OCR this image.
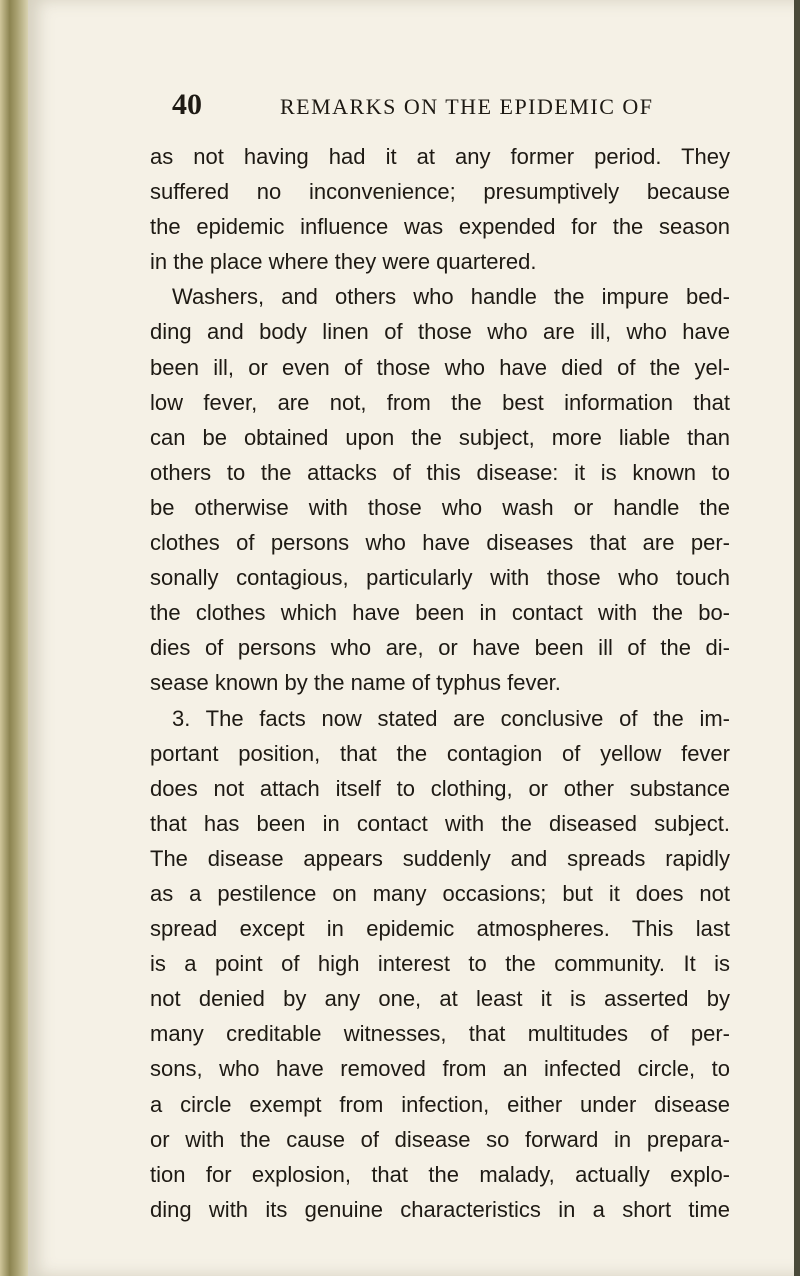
40	REMARKS ON THE EPIDEMIC OF
as not having had it at any former period. They
suffered no inconvenience; presumptively because
the epidemic influence was expended for the season
in the place where they were quartered.
Washers, and others who handle the impure bed-
ding and body linen of those who are ill, who have
been ill, or even of those who have died of the yel-
low fever, are not, from the best information that
can be obtained upon the subject, more liable than
others to the attacks of this disease: it is known to
be otherwise with those who wash or handle the
clothes of persons who have diseases that are per-
sonally contagious, particularly with those who touch
the clothes which have been in contact with the bo-
dies of persons who are, or have been ill of the di-
sease known by the name of typhus fever.
3. The facts now stated are conclusive of the im-
portant position, that the contagion of yellow fever
does not attach itself to clothing, or other substance
that has been in contact with the diseased subject.
The disease appears suddenly and spreads rapidly
as a pestilence on many occasions; but it does not
spread except in epidemic atmospheres. This last
is a point of high interest to the community. It is
not denied by any one, at least it is asserted by
many creditable witnesses, that multitudes of per-
sons, who have removed from an infected circle, to
a circle exempt from infection, either under disease
or with the cause of disease so forward in prepara-
tion for explosion, that the malady, actually explo-
ding with its genuine characteristics in a short time
